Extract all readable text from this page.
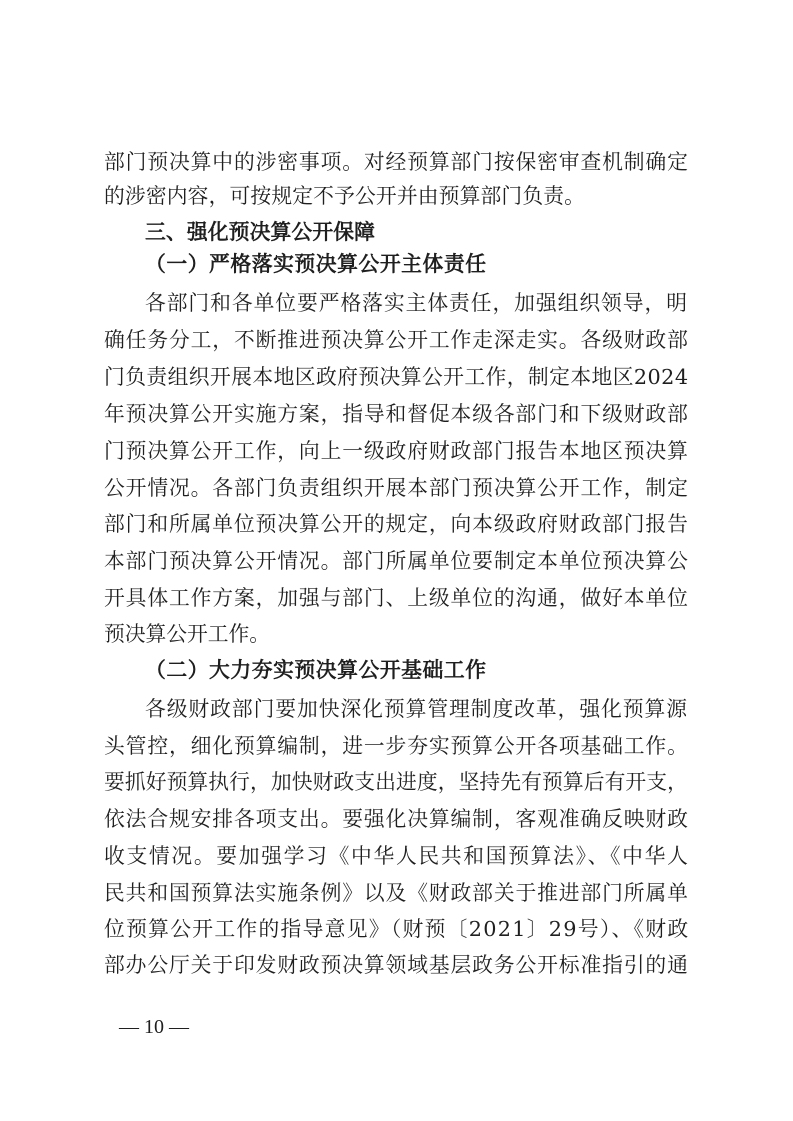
部门预决算中的涉密事项。对经预算部门按保密审查机制确定
的涉密内容，可按规定不予公开并由预算部门负责。
三、强化预决算公开保障
（一）严格落实预决算公开主体责任
各部门和各单位要严格落实主体责任，加强组织领导，明
确任务分工，不断推进预决算公开工作走深走实。各级财政部
门负责组织开展本地区政府预决算公开工作，制定本地区2024
年预决算公开实施方案，指导和督促本级各部门和下级财政部
门预决算公开工作，向上一级政府财政部门报告本地区预决算
公开情况。各部门负责组织开展本部门预决算公开工作，制定
部门和所属单位预决算公开的规定，向本级政府财政部门报告
本部门预决算公开情况。部门所属单位要制定本单位预决算公
开具体工作方案，加强与部门、上级单位的沟通，做好本单位
预决算公开工作。
（二）大力夯实预决算公开基础工作
各级财政部门要加快深化预算管理制度改革，强化预算源
头管控，细化预算编制，进一步夯实预算公开各项基础工作。
要抓好预算执行，加快财政支出进度，坚持先有预算后有开支，
依法合规安排各项支出。要强化决算编制，客观准确反映财政
收支情况。要加强学习《中华人民共和国预算法》、《中华人
民共和国预算法实施条例》以及《财政部关于推进部门所属单
位预算公开工作的指导意见》（财预〔2021〕29号）、《财政
部办公厅关于印发财政预决算领域基层政务公开标准指引的通
— 10 —
